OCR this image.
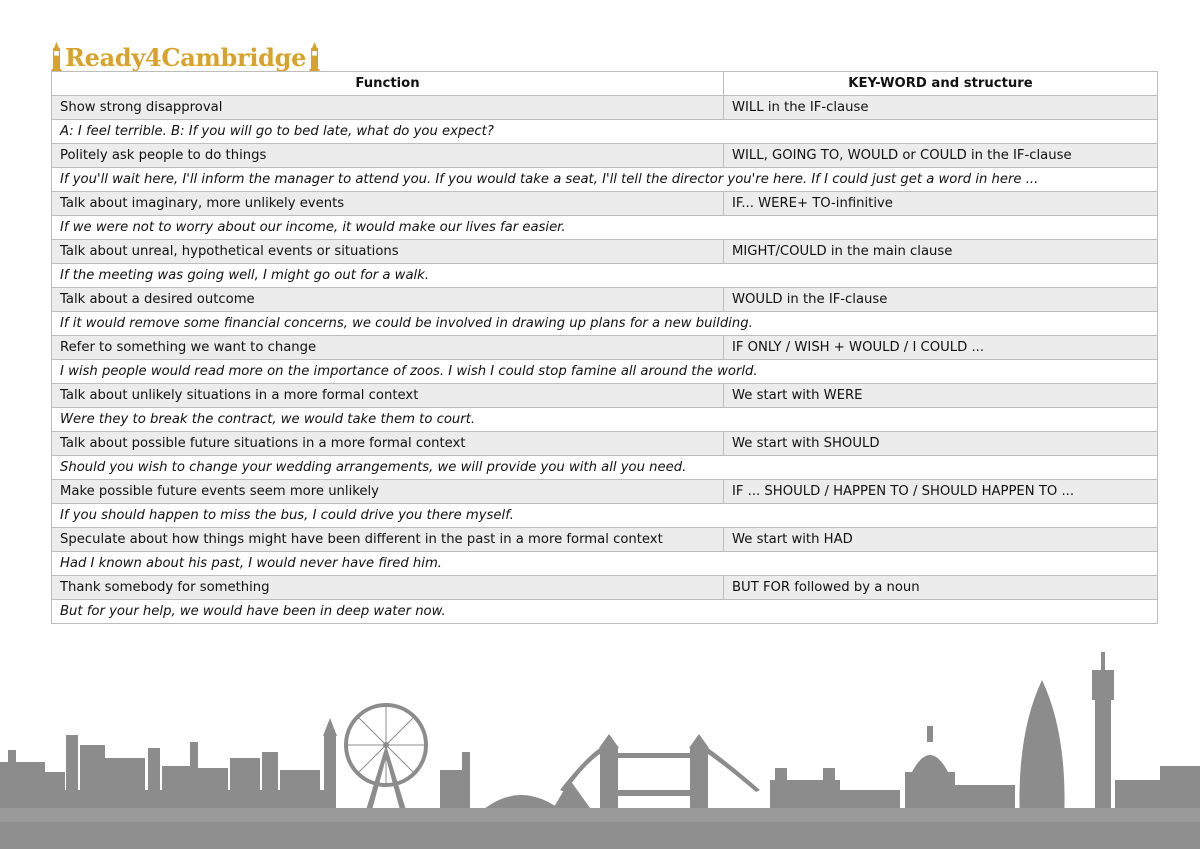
Ready4Cambridge
Function	KEY-WORD and structure
Show strong disapproval	WILL in the IF-clause
A: I feel terrible. B: If you will go to bed late, what do you expect?	
Politely ask people to do things	WILL, GOING TO, WOULD or COULD in the IF-clause
If you'll wait here, I'll inform the manager to attend you. If you would take a seat, I'll tell the director you're here. If I could just get a word in here ...	
Talk about imaginary, more unlikely events	IF... WERE+ TO-infinitive
If we were not to worry about our income, it would make our lives far easier.	
Talk about unreal, hypothetical events or situations	MIGHT/COULD in the main clause
If the meeting was going well, I might go out for a walk.	
Talk about a desired outcome	WOULD in the IF-clause
If it would remove some financial concerns, we could be involved in drawing up plans for a new building.	
Refer to something we want to change	IF ONLY / WISH + WOULD / I COULD ...
I wish people would read more on the importance of zoos. I wish I could stop famine all around the world.	
Talk about unlikely situations in a more formal context	We start with WERE
Were they to break the contract, we would take them to court.	
Talk about possible future situations in a more formal context	We start with SHOULD
Should you wish to change your wedding arrangements, we will provide you with all you need.	
Make possible future events seem more unlikely	IF ... SHOULD / HAPPEN TO / SHOULD HAPPEN TO ...
If you should happen to miss the bus, I could drive you there myself.	
Speculate about how things might have been different in the past in a more formal context	We start with HAD
Had I known about his past, I would never have fired him.	
Thank somebody for something	BUT FOR followed by a noun
But for your help, we would have been in deep water now.	
